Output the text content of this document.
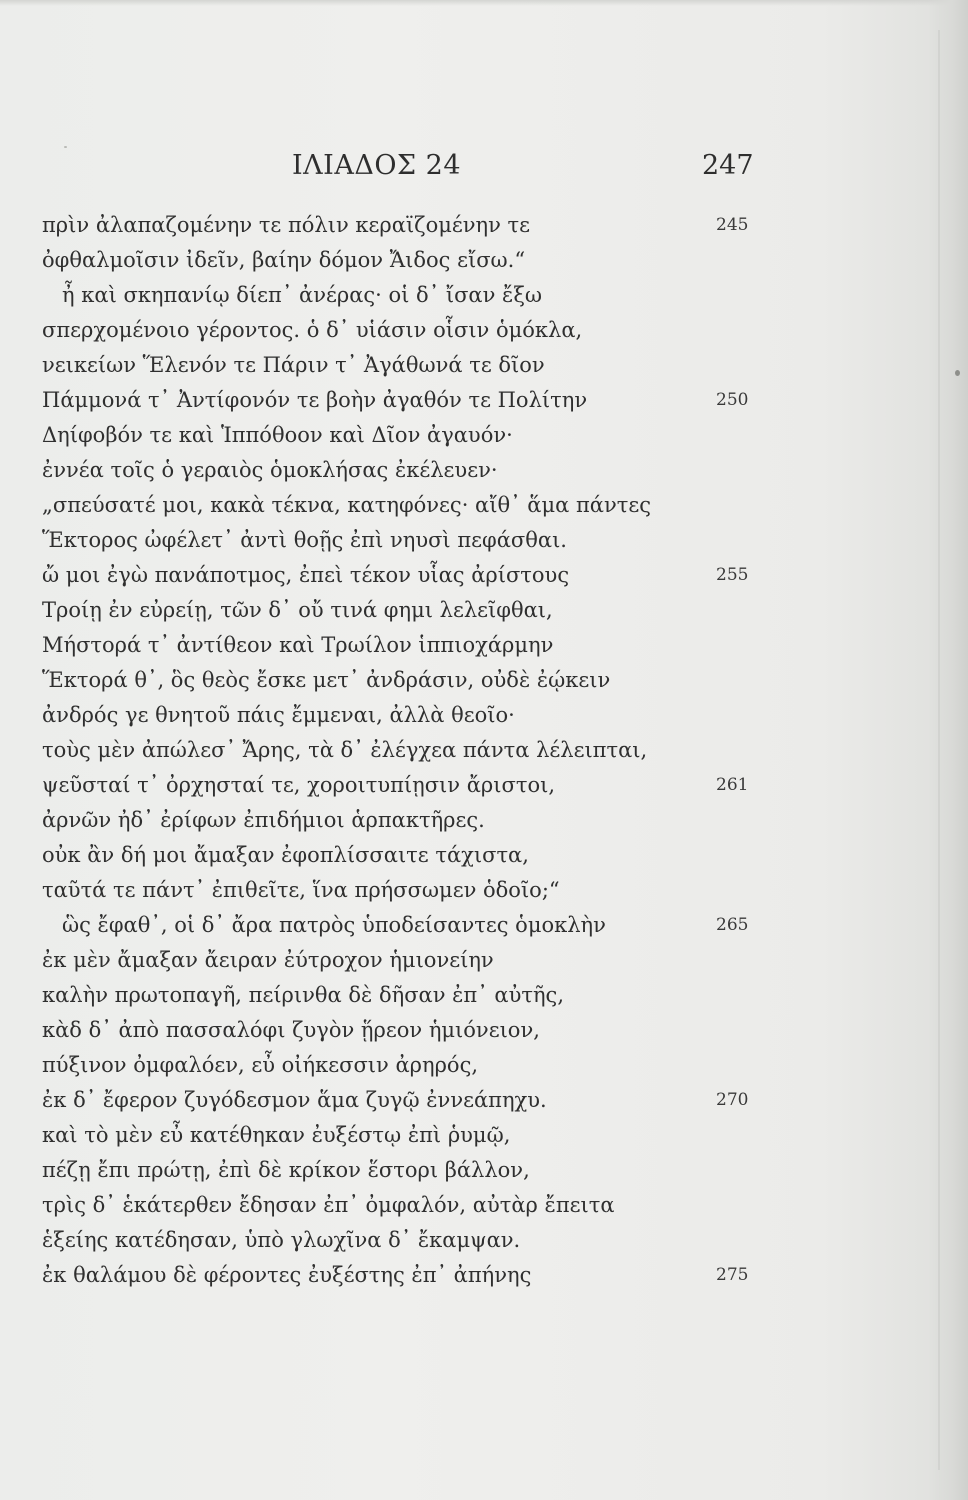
ΙΛΙΑΔΟΣ 24	247
πρὶν ἀλαπαζομένην τε πόλιν κεραϊζομένην τε	245
ὀφθαλμοῖσιν ἰδεῖν, βαίην δόμον Ἄιδος εἴσω.“
ἦ καὶ σκηπανίῳ δίεπ᾽ ἀνέρας· οἱ δ᾽ ἴσαν ἔξω
σπερχομένοιο γέροντος. ὁ δ᾽ υἱάσιν οἷσιν ὁμόκλα,
νεικείων Ἕλενόν τε Πάριν τ᾽ Ἀγάθωνά τε δῖον
Πάμμονά τ᾽ Ἀντίφονόν τε βοὴν ἀγαθόν τε Πολίτην	250
Δηίφοβόν τε καὶ Ἱππόθοον καὶ Δῖον ἀγαυόν·
ἐννέα τοῖς ὁ γεραιὸς ὁμοκλήσας ἐκέλευεν·
„σπεύσατέ μοι, κακὰ τέκνα, κατηφόνες· αἴθ᾽ ἅμα πάντες
Ἕκτορος ὠφέλετ᾽ ἀντὶ θοῇς ἐπὶ νηυσὶ πεφάσθαι.
ὤ μοι ἐγὼ πανάποτμος, ἐπεὶ τέκον υἷας ἀρίστους	255
Τροίῃ ἐν εὐρείῃ, τῶν δ᾽ οὔ τινά φημι λελεῖφθαι,
Μήστορά τ᾽ ἀντίθεον καὶ Τρωίλον ἱππιοχάρμην
Ἕκτορά θ᾽, ὃς θεὸς ἔσκε μετ᾽ ἀνδράσιν, οὐδὲ ἐῴκειν
ἀνδρός γε θνητοῦ πάις ἔμμεναι, ἀλλὰ θεοῖο·
τοὺς μὲν ἀπώλεσ᾽ Ἄρης, τὰ δ᾽ ἐλέγχεα πάντα λέλειπται,
ψεῦσταί τ᾽ ὀρχησταί τε, χοροιτυπίῃσιν ἄριστοι,	261
ἀρνῶν ἠδ᾽ ἐρίφων ἐπιδήμιοι ἁρπακτῆρες.
οὐκ ἂν δή μοι ἄμαξαν ἐφοπλίσσαιτε τάχιστα,
ταῦτά τε πάντ᾽ ἐπιθεῖτε, ἵνα πρήσσωμεν ὁδοῖο;“
ὣς ἔφαθ᾽, οἱ δ᾽ ἄρα πατρὸς ὑποδείσαντες ὁμοκλὴν	265
ἐκ μὲν ἄμαξαν ἄειραν ἐύτροχον ἡμιονείην
καλὴν πρωτοπαγῆ, πείρινθα δὲ δῆσαν ἐπ᾽ αὐτῆς,
κὰδ δ᾽ ἀπὸ πασσαλόφι ζυγὸν ᾕρεον ἡμιόνειον,
πύξινον ὀμφαλόεν, εὖ οἰήκεσσιν ἀρηρός,
ἐκ δ᾽ ἔφερον ζυγόδεσμον ἅμα ζυγῷ ἐννεάπηχυ.	270
καὶ τὸ μὲν εὖ κατέθηκαν ἐυξέστῳ ἐπὶ ῥυμῷ,
πέζῃ ἔπι πρώτῃ, ἐπὶ δὲ κρίκον ἕστορι βάλλον,
τρὶς δ᾽ ἑκάτερθεν ἔδησαν ἐπ᾽ ὀμφαλόν, αὐτὰρ ἔπειτα
ἑξείης κατέδησαν, ὑπὸ γλωχῖνα δ᾽ ἔκαμψαν.
ἐκ θαλάμου δὲ φέροντες ἐυξέστης ἐπ᾽ ἀπήνης	275
